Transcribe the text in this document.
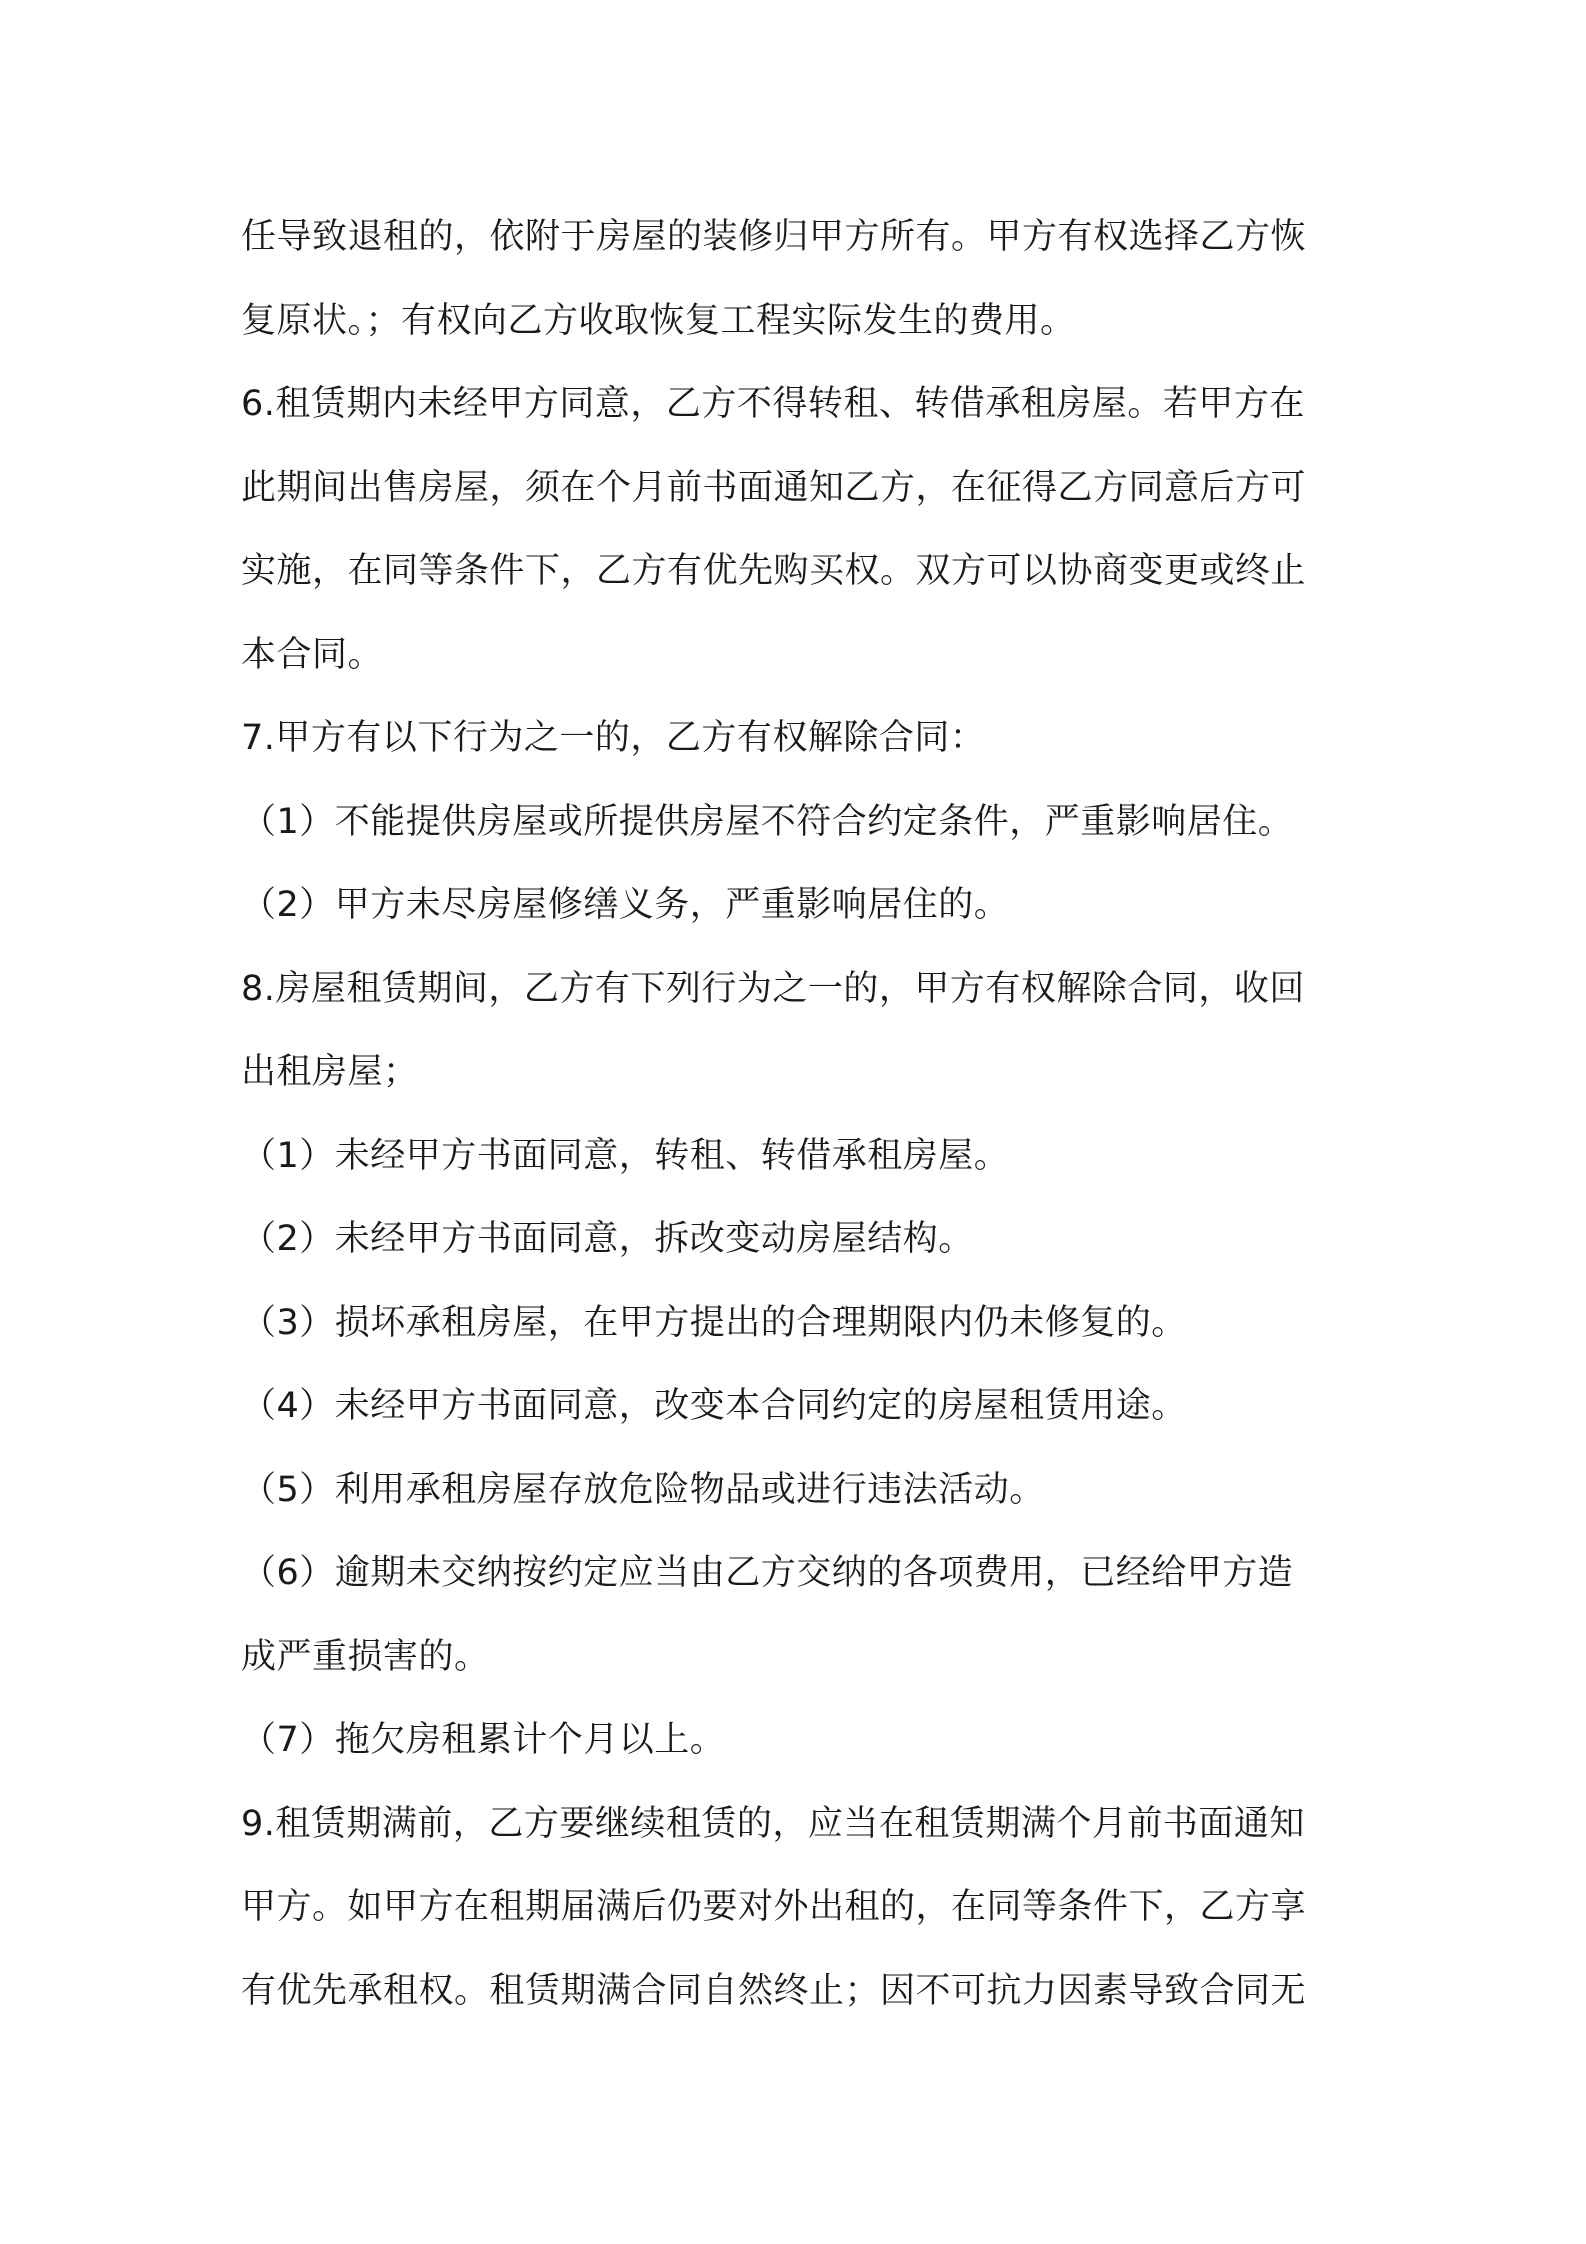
任导致退租的，依附于房屋的装修归甲方所有。甲方有权选择乙方恢
复原状。；有权向乙方收取恢复工程实际发生的费用。
6.租赁期内未经甲方同意，乙方不得转租、转借承租房屋。若甲方在
此期间出售房屋，须在个月前书面通知乙方，在征得乙方同意后方可
实施，在同等条件下，乙方有优先购买权。双方可以协商变更或终止
本合同。
7.甲方有以下行为之一的，乙方有权解除合同：
（1）不能提供房屋或所提供房屋不符合约定条件，严重影响居住。
（2）甲方未尽房屋修缮义务，严重影响居住的。
8.房屋租赁期间，乙方有下列行为之一的，甲方有权解除合同，收回
出租房屋；
（1）未经甲方书面同意，转租、转借承租房屋。
（2）未经甲方书面同意，拆改变动房屋结构。
（3）损坏承租房屋，在甲方提出的合理期限内仍未修复的。
（4）未经甲方书面同意，改变本合同约定的房屋租赁用途。
（5）利用承租房屋存放危险物品或进行违法活动。
（6）逾期未交纳按约定应当由乙方交纳的各项费用，已经给甲方造
成严重损害的。
（7）拖欠房租累计个月以上。
9.租赁期满前，乙方要继续租赁的，应当在租赁期满个月前书面通知
甲方。如甲方在租期届满后仍要对外出租的，在同等条件下，乙方享
有优先承租权。租赁期满合同自然终止；因不可抗力因素导致合同无
